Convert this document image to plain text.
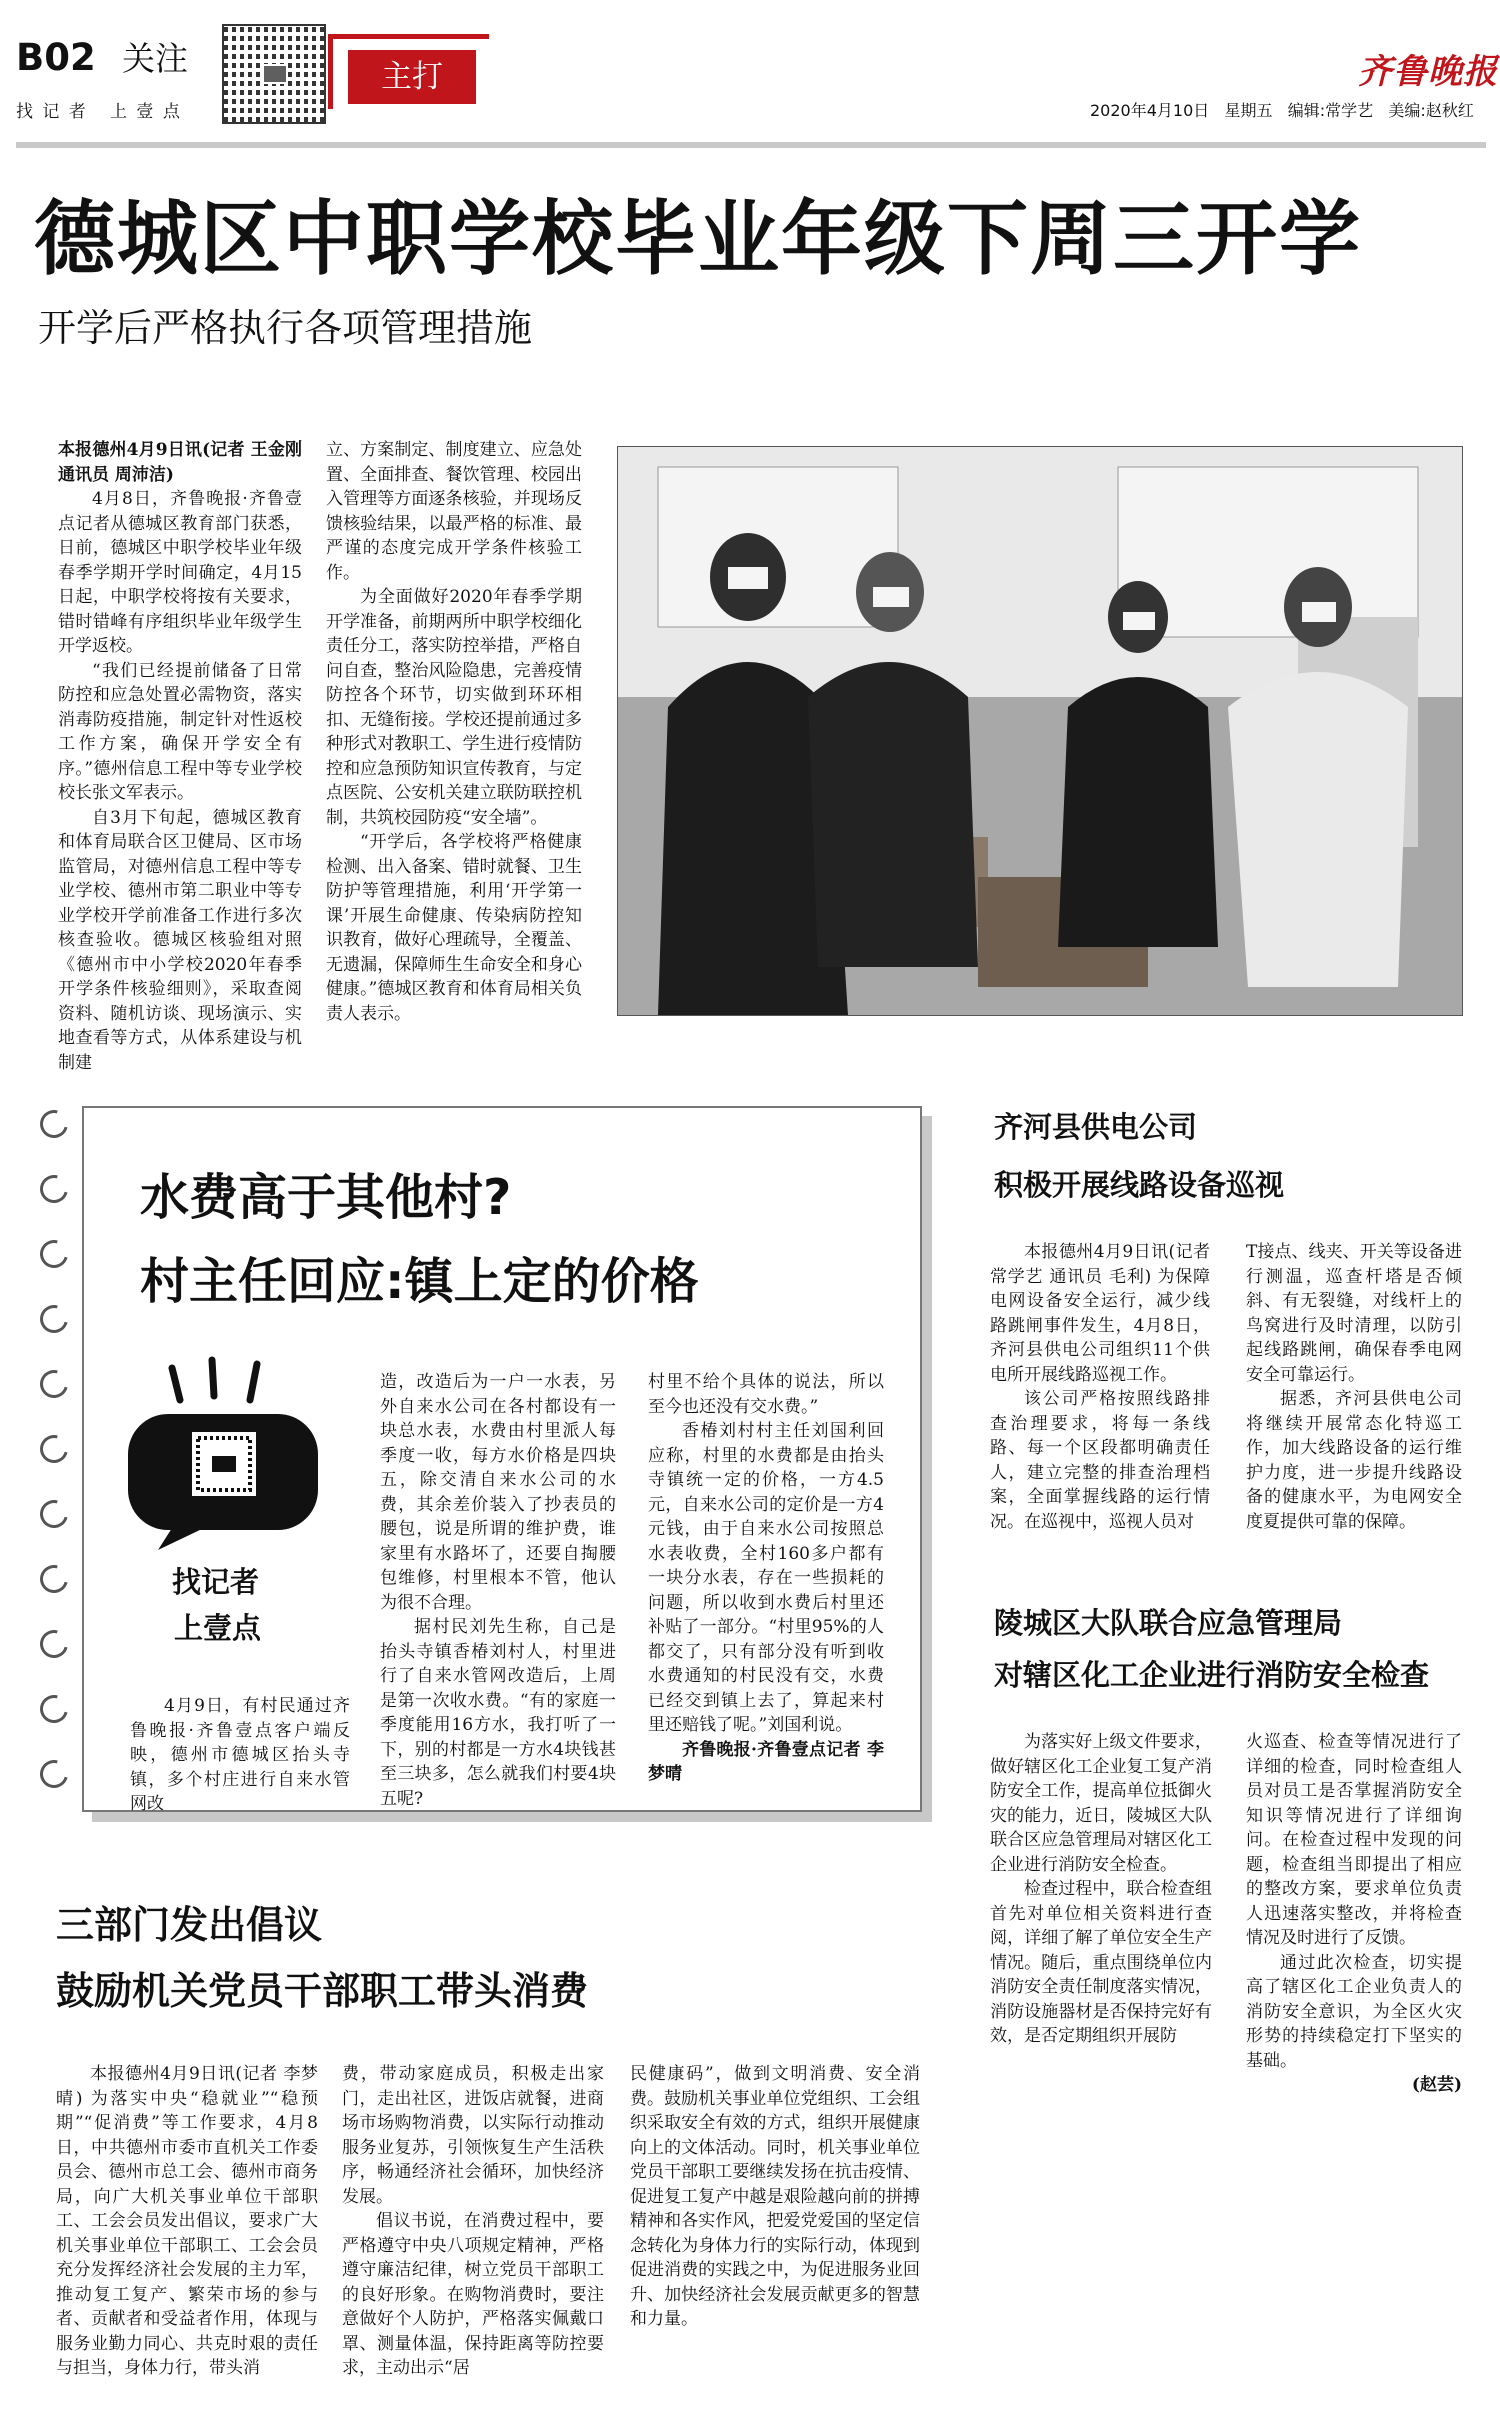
B02 关注
找 记 者   上 壹 点
主打	齐鲁晚报
2020年4月10日   星期五   编辑:常学艺   美编:赵秋红
德城区中职学校毕业年级下周三开学
开学后严格执行各项管理措施

本报德州4月9日讯(记者 王金刚 通讯员 周沛洁)

4月8日，齐鲁晚报·齐鲁壹点记者从德城区教育部门获悉，日前，德城区中职学校毕业年级春季学期开学时间确定，4月15日起，中职学校将按有关要求，错时错峰有序组织毕业年级学生开学返校。

“我们已经提前储备了日常防控和应急处置必需物资，落实消毒防疫措施，制定针对性返校工作方案，确保开学安全有序。”德州信息工程中等专业学校校长张文军表示。

自3月下旬起，德城区教育和体育局联合区卫健局、区市场监管局，对德州信息工程中等专业学校、德州市第二职业中等专业学校开学前准备工作进行多次核查验收。德城区核验组对照《德州市中小学校2020年春季开学条件核验细则》，采取查阅资料、随机访谈、现场演示、实地查看等方式，从体系建设与机制建

立、方案制定、制度建立、应急处置、全面排查、餐饮管理、校园出入管理等方面逐条核验，并现场反馈核验结果，以最严格的标准、最严谨的态度完成开学条件核验工作。

为全面做好2020年春季学期开学准备，前期两所中职学校细化责任分工，落实防控举措，严格自问自查，整治风险隐患，完善疫情防控各个环节，切实做到环环相扣、无缝衔接。学校还提前通过多种形式对教职工、学生进行疫情防控和应急预防知识宣传教育，与定点医院、公安机关建立联防联控机制，共筑校园防疫“安全墙”。

“开学后，各学校将严格健康检测、出入备案、错时就餐、卫生防护等管理措施，利用‘开学第一课’开展生命健康、传染病防控知识教育，做好心理疏导，全覆盖、无遗漏，保障师生生命安全和身心健康。”德城区教育和体育局相关负责人表示。

水费高于其他村?
村主任回应:镇上定的价格
找记者
上壹点

4月9日，有村民通过齐鲁晚报·齐鲁壹点客户端反映，德州市德城区抬头寺镇，多个村庄进行自来水管网改

造，改造后为一户一水表，另外自来水公司在各村都设有一块总水表，水费由村里派人每季度一收，每方水价格是四块五，除交清自来水公司的水费，其余差价装入了抄表员的腰包，说是所谓的维护费，谁家里有水路坏了，还要自掏腰包维修，村里根本不管，他认为很不合理。

据村民刘先生称，自己是抬头寺镇香椿刘村人，村里进行了自来水管网改造后，上周是第一次收水费。“有的家庭一季度能用16方水，我打听了一下，别的村都是一方水4块钱甚至三块多，怎么就我们村要4块五呢?

村里不给个具体的说法，所以至今也还没有交水费。”

香椿刘村村主任刘国利回应称，村里的水费都是由抬头寺镇统一定的价格，一方4.5元，自来水公司的定价是一方4元钱，由于自来水公司按照总水表收费，全村160多户都有一块分水表，存在一些损耗的问题，所以收到水费后村里还补贴了一部分。“村里95%的人都交了，只有部分没有听到收水费通知的村民没有交，水费已经交到镇上去了，算起来村里还赔钱了呢。”刘国利说。

齐鲁晚报·齐鲁壹点记者 李梦晴

齐河县供电公司
积极开展线路设备巡视

本报德州4月9日讯(记者 常学艺 通讯员 毛利) 为保障电网设备安全运行，减少线路跳闸事件发生，4月8日，齐河县供电公司组织11个供电所开展线路巡视工作。

该公司严格按照线路排查治理要求，将每一条线路、每一个区段都明确责任人，建立完整的排查治理档案，全面掌握线路的运行情况。在巡视中，巡视人员对

T接点、线夹、开关等设备进行测温，巡查杆塔是否倾斜、有无裂缝，对线杆上的鸟窝进行及时清理，以防引起线路跳闸，确保春季电网安全可靠运行。

据悉，齐河县供电公司将继续开展常态化特巡工作，加大线路设备的运行维护力度，进一步提升线路设备的健康水平，为电网安全度夏提供可靠的保障。

陵城区大队联合应急管理局
对辖区化工企业进行消防安全检查

为落实好上级文件要求，做好辖区化工企业复工复产消防安全工作，提高单位抵御火灾的能力，近日，陵城区大队联合区应急管理局对辖区化工企业进行消防安全检查。

检查过程中，联合检查组首先对单位相关资料进行查阅，详细了解了单位安全生产情况。随后，重点围绕单位内消防安全责任制度落实情况，消防设施器材是否保持完好有效，是否定期组织开展防

火巡查、检查等情况进行了详细的检查，同时检查组人员对员工是否掌握消防安全知识等情况进行了详细询问。在检查过程中发现的问题，检查组当即提出了相应的整改方案，要求单位负责人迅速落实整改，并将检查情况及时进行了反馈。

通过此次检查，切实提高了辖区化工企业负责人的消防安全意识，为全区火灾形势的持续稳定打下坚实的基础。

(赵芸)

三部门发出倡议
鼓励机关党员干部职工带头消费

本报德州4月9日讯(记者 李梦晴) 为落实中央“稳就业”“稳预期”“促消费”等工作要求，4月8日，中共德州市委市直机关工作委员会、德州市总工会、德州市商务局，向广大机关事业单位干部职工、工会会员发出倡议，要求广大机关事业单位干部职工、工会会员充分发挥经济社会发展的主力军，推动复工复产、繁荣市场的参与者、贡献者和受益者作用，体现与服务业勤力同心、共克时艰的责任与担当，身体力行，带头消

费，带动家庭成员，积极走出家门，走出社区，进饭店就餐，进商场市场购物消费，以实际行动推动服务业复苏，引领恢复生产生活秩序，畅通经济社会循环，加快经济发展。

倡议书说，在消费过程中，要严格遵守中央八项规定精神，严格遵守廉洁纪律，树立党员干部职工的良好形象。在购物消费时，要注意做好个人防护，严格落实佩戴口罩、测量体温，保持距离等防控要求，主动出示“居

民健康码”，做到文明消费、安全消费。鼓励机关事业单位党组织、工会组织采取安全有效的方式，组织开展健康向上的文体活动。同时，机关事业单位党员干部职工要继续发扬在抗击疫情、促进复工复产中越是艰险越向前的拼搏精神和各实作风，把爱党爱国的坚定信念转化为身体力行的实际行动，体现到促进消费的实践之中，为促进服务业回升、加快经济社会发展贡献更多的智慧和力量。
